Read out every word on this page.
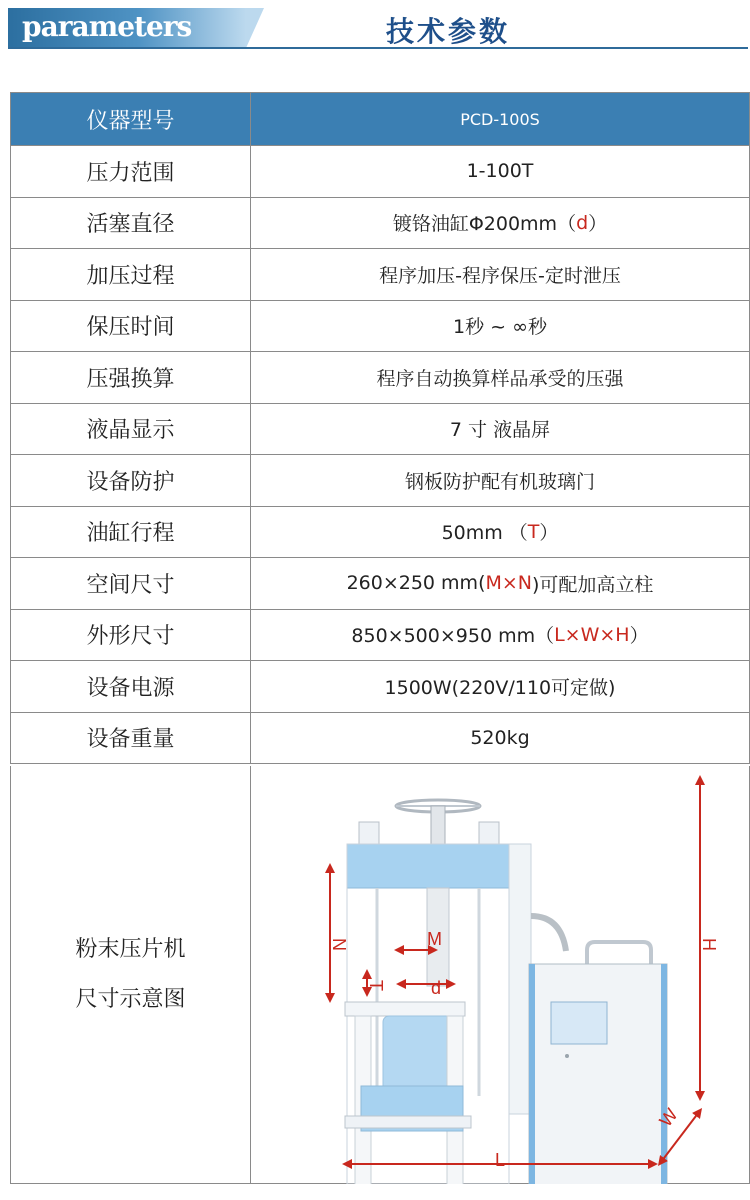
parameters	技术参数
仪器型号	PCD-100S
压力范围	1-100T
活塞直径	镀铬油缸Φ200mm（ d ）
加压过程	程序加压-程序保压-定时泄压
保压时间	1秒 ~ ∞秒
压强换算	程序自动换算样品承受的压强
液晶显示	7 寸 液晶屏
设备防护	钢板防护配有机玻璃门
油缸行程	50mm （ T ）
空间尺寸	260×250 mm( M×N )可配加高立柱
外形尺寸	850×500×950 mm（ L×W×H ）
设备电源	1500W(220V/110可定做)
设备重量	520kg
粉末压片机
尺寸示意图
N	M
T	d
H
W
L
